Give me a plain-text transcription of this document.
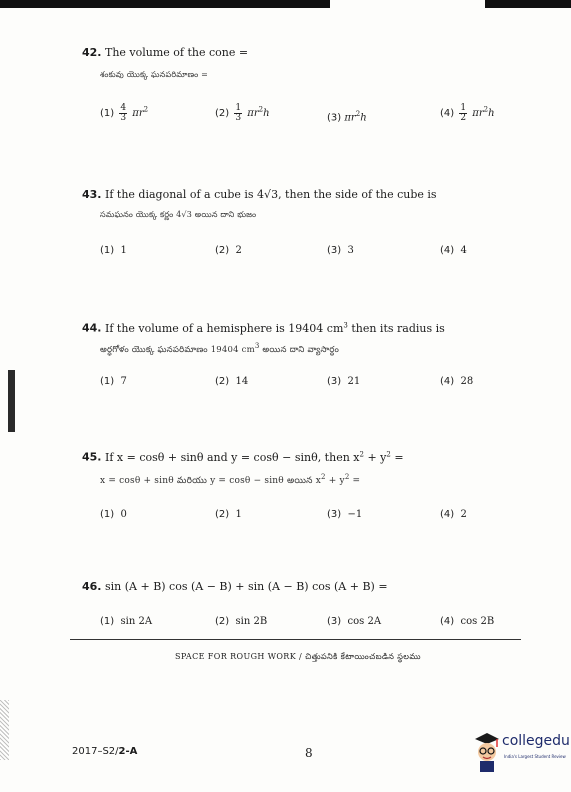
42. The volume of the cone =
శంకువు యొక్క ఘనపరిమాణం =
$(1) \frac{4}{3} \pi r^2$	$(2) \frac{1}{3} \pi r^2h$	(3) $\pi r^2h$	$(4) \frac{1}{2} \pi r^2h$
43. If the diagonal of a cube is 4√3, then the side of the cube is
సమఘనం యొక్క కర్ణం 4√3 అయిన దాని భుజం
(1) 1	(2) 2	(3) 3	(4) 4
44. If the volume of a hemisphere is 19404 $cm^3$ then its radius is
అర్ధగోళం యొక్క ఘనపరిమాణం 19404 $cm^3$ అయిన దాని వ్యాసార్ధం
(1) 7	(2) 14	(3) 21	(4) 28
45. If x = cosθ + sinθ and y = cosθ − sinθ, then $x^2 + y^2$ =
x = cosθ + sinθ మరియు y = cosθ − sinθ అయిన $x^2 + y^2$ =
(1) 0	(2) 1	(3) −1	(4) 2
46. sin (A + B) cos (A − B) + sin (A − B) cos (A + B) =
(1) sin 2A	(2) sin 2B	(3) cos 2A	(4) cos 2B
SPACE FOR ROUGH WORK / చిత్తుపనికి కేటాయించబడిన స్థలము
2017–S2/2-A	8
collegedu
India's Largest Student Review
